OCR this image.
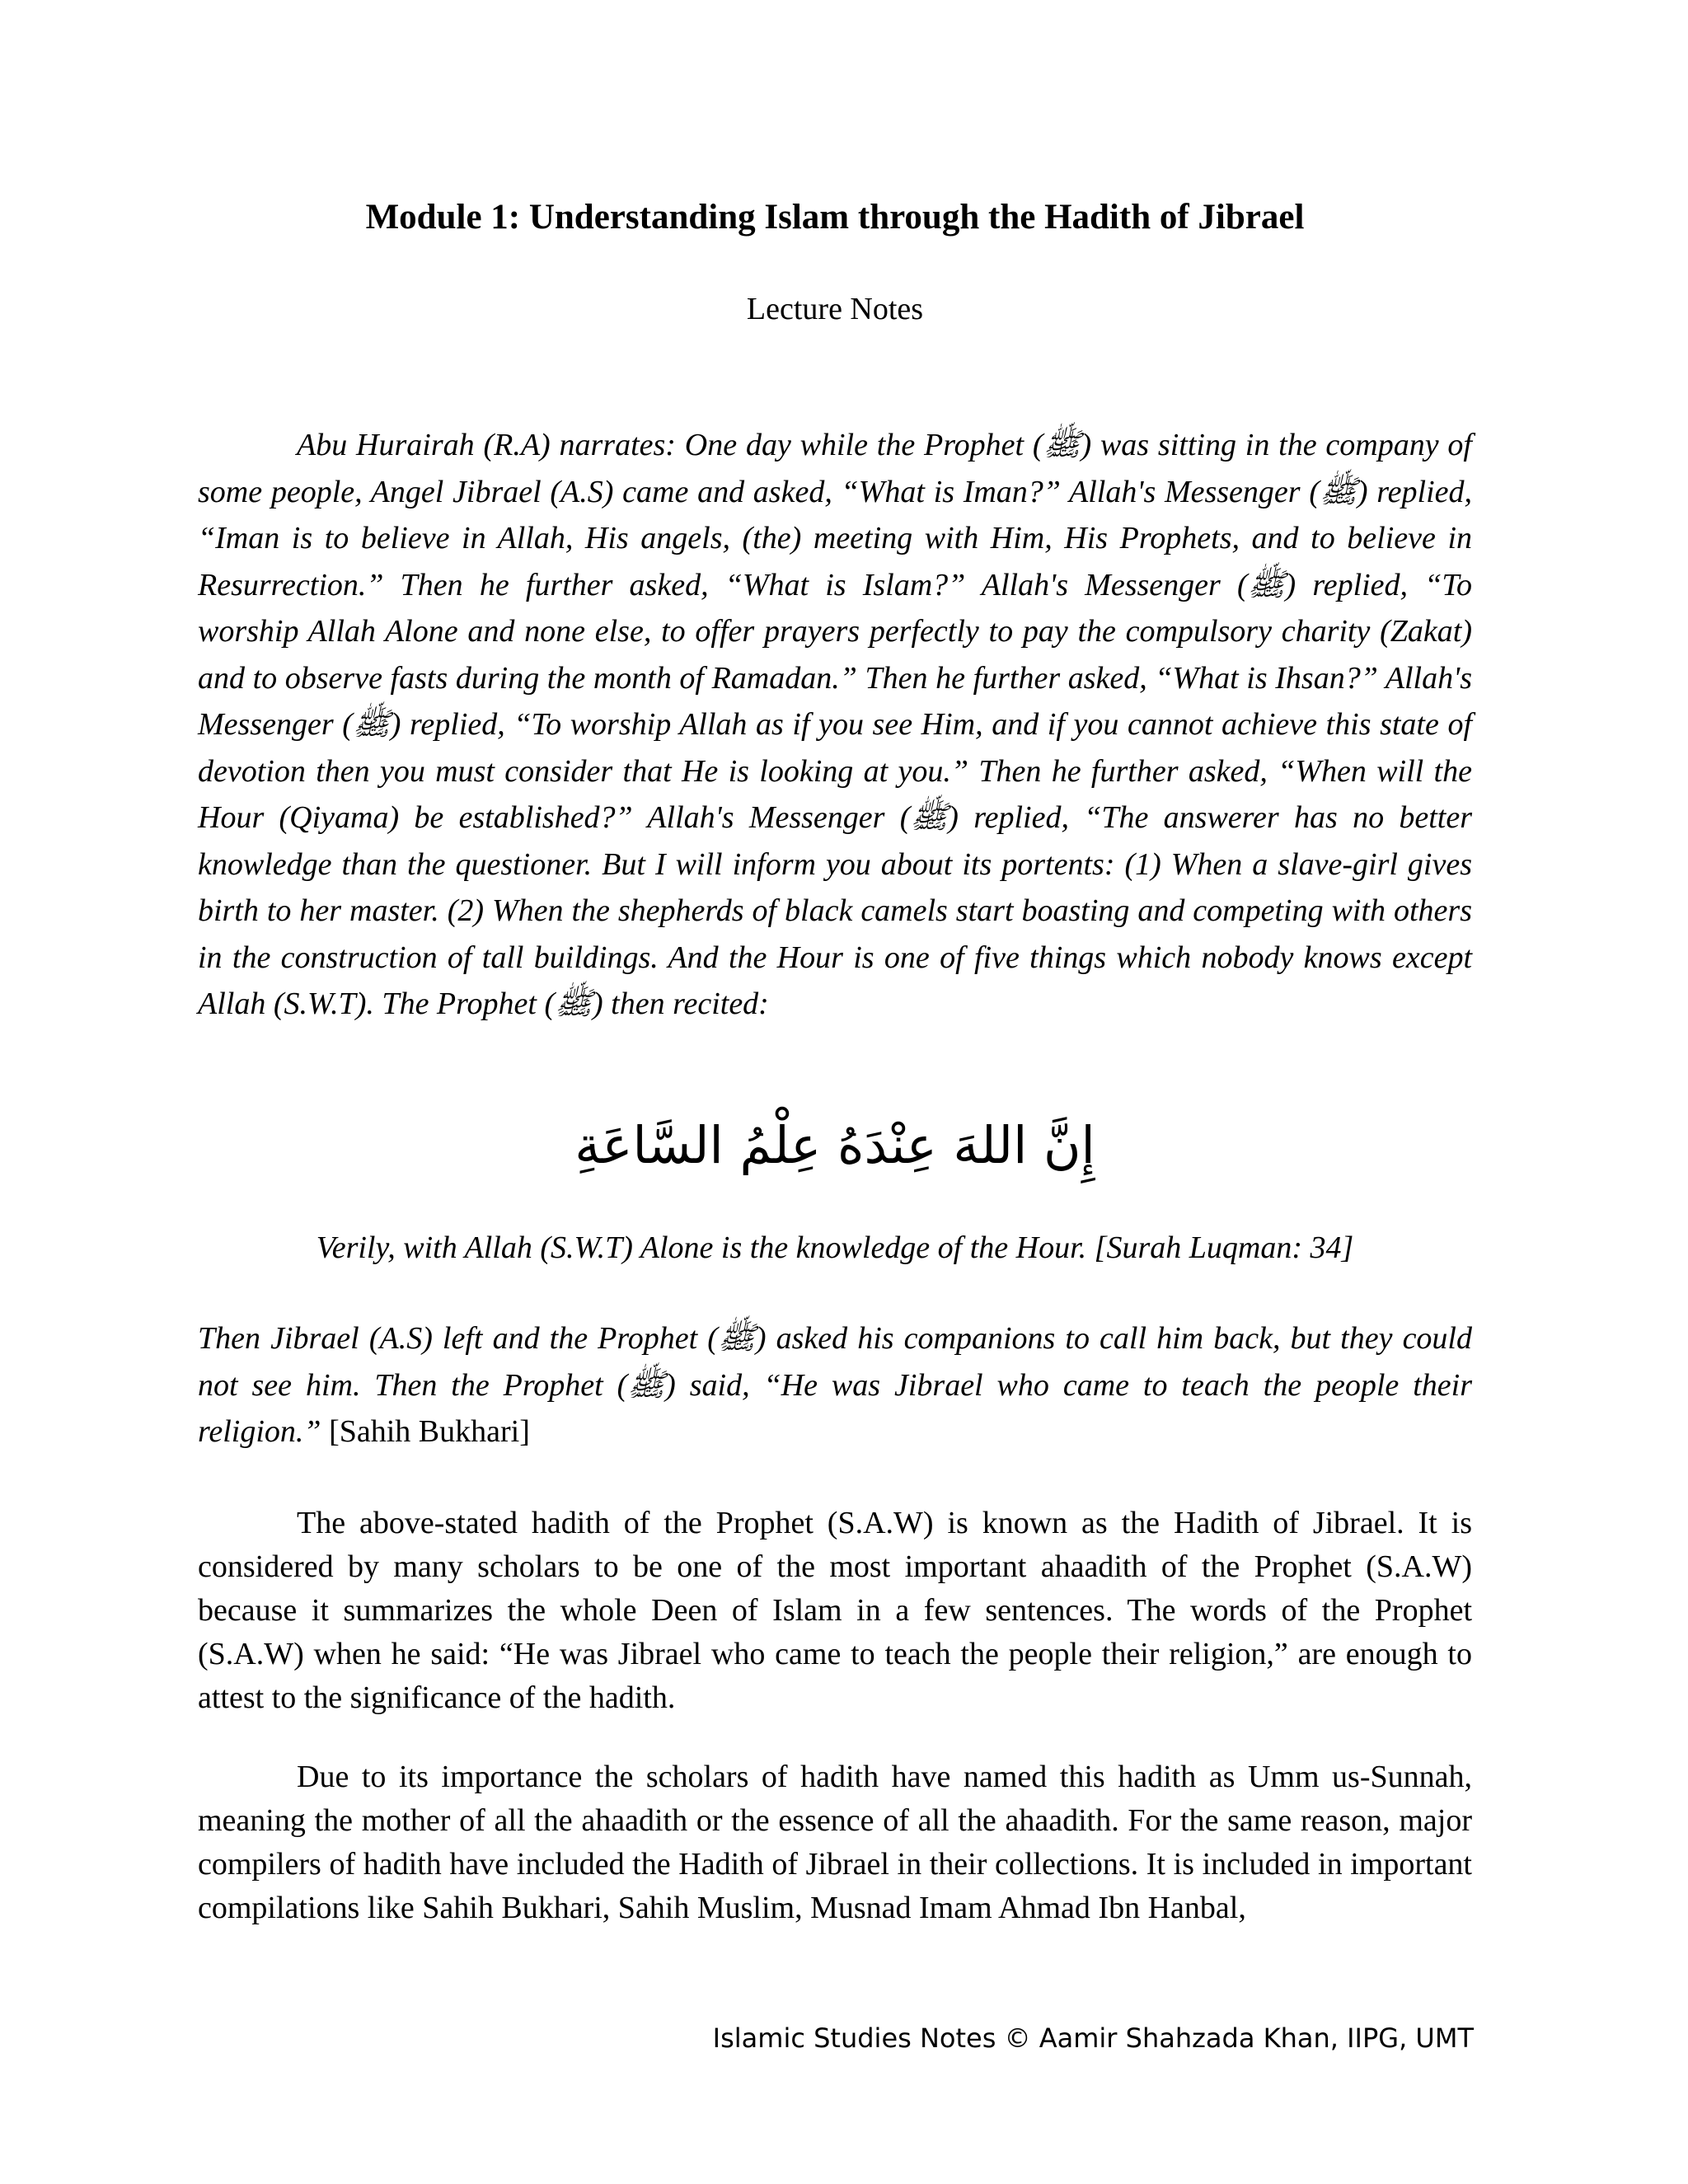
Module 1: Understanding Islam through the Hadith of Jibrael

Lecture Notes

Abu Hurairah (R.A) narrates: One day while the Prophet (ﷺ) was sitting in the company of some people, Angel Jibrael (A.S) came and asked, “What is Iman?” Allah's Messenger (ﷺ) replied, “Iman is to believe in Allah, His angels, (the) meeting with Him, His Prophets, and to believe in Resurrection.” Then he further asked, “What is Islam?” Allah's Messenger (ﷺ) replied, “To worship Allah Alone and none else, to offer prayers perfectly to pay the compulsory charity (Zakat) and to observe fasts during the month of Ramadan.” Then he further asked, “What is Ihsan?” Allah's Messenger (ﷺ) replied, “To worship Allah as if you see Him, and if you cannot achieve this state of devotion then you must consider that He is looking at you.” Then he further asked, “When will the Hour (Qiyama) be established?” Allah's Messenger (ﷺ) replied, “The answerer has no better knowledge than the questioner. But I will inform you about its portents: (1) When a slave-girl gives birth to her master. (2) When the shepherds of black camels start boasting and competing with others in the construction of tall buildings. And the Hour is one of five things which nobody knows except Allah (S.W.T). The Prophet (ﷺ) then recited:

إِنَّ اللهَ عِنْدَهُ عِلْمُ السَّاعَةِ

Verily, with Allah (S.W.T) Alone is the knowledge of the Hour. [Surah Luqman: 34]

Then Jibrael (A.S) left and the Prophet (ﷺ) asked his companions to call him back, but they could not see him. Then the Prophet (ﷺ) said, “He was Jibrael who came to teach the people their religion.” [Sahih Bukhari]

The above-stated hadith of the Prophet (S.A.W) is known as the Hadith of Jibrael. It is considered by many scholars to be one of the most important ahaadith of the Prophet (S.A.W) because it summarizes the whole Deen of Islam in a few sentences. The words of the Prophet (S.A.W) when he said: “He was Jibrael who came to teach the people their religion,” are enough to attest to the significance of the hadith.

Due to its importance the scholars of hadith have named this hadith as Umm us-Sunnah, meaning the mother of all the ahaadith or the essence of all the ahaadith. For the same reason, major compilers of hadith have included the Hadith of Jibrael in their collections. It is included in important compilations like Sahih Bukhari, Sahih Muslim, Musnad Imam Ahmad Ibn Hanbal,

Islamic Studies Notes © Aamir Shahzada Khan, IIPG, UMT
